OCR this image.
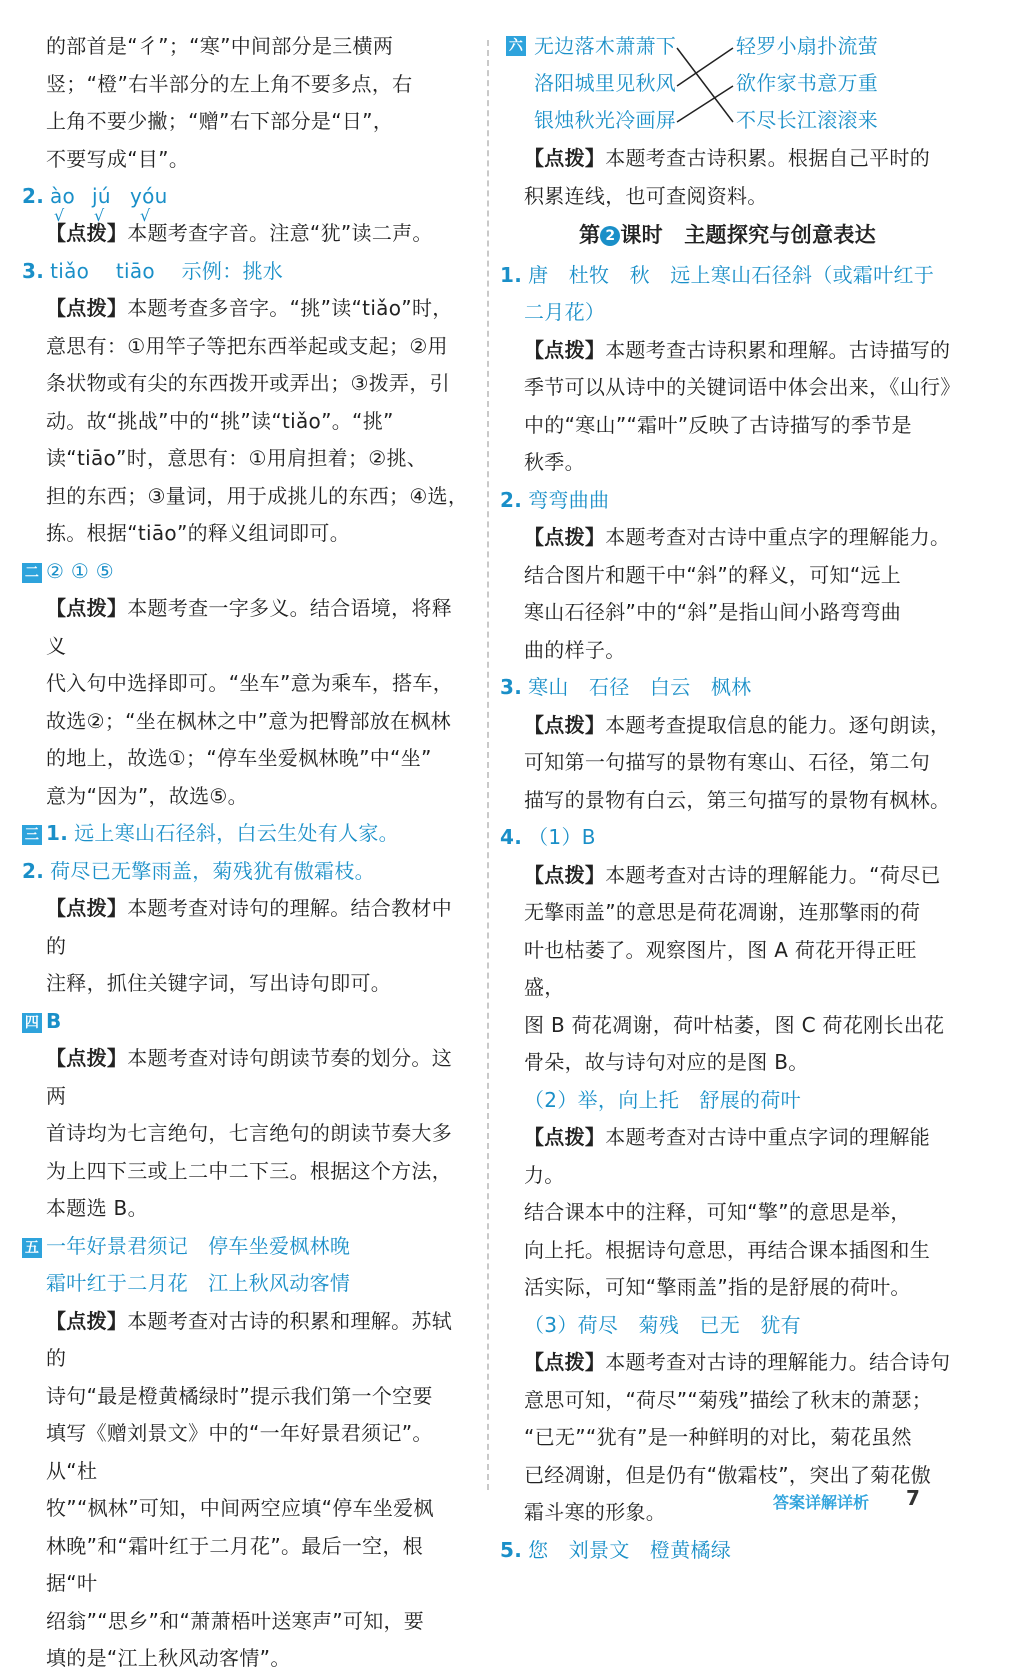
的部首是“彳”；“寒”中间部分是三横两

竖；“橙”右半部分的左上角不要多点，右

上角不要少撇；“赠”右下部分是“日”，

不要写成“目”。

2. àο
√
jú
√
yόu
√

【点拨】本题考查字音。注意“犹”读二声。

3. tiǎο tiāο 示例：挑水

【点拨】本题考查多音字。“挑”读“tiǎο”时，

意思有：①用竿子等把东西举起或支起；②用

条状物或有尖的东西拨开或弄出；③拨弄，引

动。故“挑战”中的“挑”读“tiǎο”。“挑”

读“tiāο”时，意思有：①用肩担着；②挑、

担的东西；③量词，用于成挑儿的东西；④选，

拣。根据“tiāο”的释义组词即可。

二 ② ① ⑤

【点拨】本题考查一字多义。结合语境，将释义

代入句中选择即可。“坐车”意为乘车，搭车，

故选②；“坐在枫林之中”意为把臀部放在枫林

的地上，故选①；“停车坐爱枫林晚”中“坐”

意为“因为”，故选⑤。

三 1. 远上寒山石径斜，白云生处有人家。

2. 荷尽已无擎雨盖，菊残犹有傲霜枝。

【点拨】本题考查对诗句的理解。结合教材中的

注释，抓住关键字词，写出诗句即可。

四 B

【点拨】本题考查对诗句朗读节奏的划分。这两

首诗均为七言绝句，七言绝句的朗读节奏大多

为上四下三或上二中二下三。根据这个方法，

本题选 B。

五 一年好景君须记 停车坐爱枫林晚

霜叶红于二月花 江上秋风动客情

【点拨】本题考查对古诗的积累和理解。苏轼的

诗句“最是橙黄橘绿时”提示我们第一个空要

填写《赠刘景文》中的“一年好景君须记”。从“杜

牧”“枫林”可知，中间两空应填“停车坐爱枫

林晚”和“霜叶红于二月花”。最后一空，根据“叶

绍翁”“思乡”和“萧萧梧叶送寒声”可知，要

填的是“江上秋风动客情”。

六 无边落木萧萧下
洛阳城里见秋风
银烛秋光冷画屏
轻罗小扇扑流萤
欲作家书意万重
不尽长江滚滚来

【点拨】本题考查古诗积累。根据自己平时的

积累连线，也可查阅资料。

第 2 课时　主题探究与创意表达

1. 唐　杜牧　秋　远上寒山石径斜（或霜叶红于

二月花）

【点拨】本题考查古诗积累和理解。古诗描写的

季节可以从诗中的关键词语中体会出来，《山行》

中的“寒山”“霜叶”反映了古诗描写的季节是

秋季。

2. 弯弯曲曲

【点拨】本题考查对古诗中重点字的理解能力。

结合图片和题干中“斜”的释义，可知“远上

寒山石径斜”中的“斜”是指山间小路弯弯曲

曲的样子。

3. 寒山　石径　白云　枫林

【点拨】本题考查提取信息的能力。逐句朗读，

可知第一句描写的景物有寒山、石径，第二句

描写的景物有白云，第三句描写的景物有枫林。

4. （1）B

【点拨】本题考查对古诗的理解能力。“荷尽已

无擎雨盖”的意思是荷花凋谢，连那擎雨的荷

叶也枯萎了。观察图片，图 A 荷花开得正旺盛，

图 B 荷花凋谢，荷叶枯萎，图 C 荷花刚长出花

骨朵，故与诗句对应的是图 B。

（2）举，向上托　舒展的荷叶

【点拨】本题考查对古诗中重点字词的理解能力。

结合课本中的注释，可知“擎”的意思是举，

向上托。根据诗句意思，再结合课本插图和生

活实际，可知“擎雨盖”指的是舒展的荷叶。

（3）荷尽　菊残　已无　犹有

【点拨】本题考查对古诗的理解能力。结合诗句

意思可知，“荷尽”“菊残”描绘了秋末的萧瑟；

“已无”“犹有”是一种鲜明的对比，菊花虽然

已经凋谢，但是仍有“傲霜枝”，突出了菊花傲

霜斗寒的形象。

5. 您　刘景文　橙黄橘绿

答案详解详析 7
